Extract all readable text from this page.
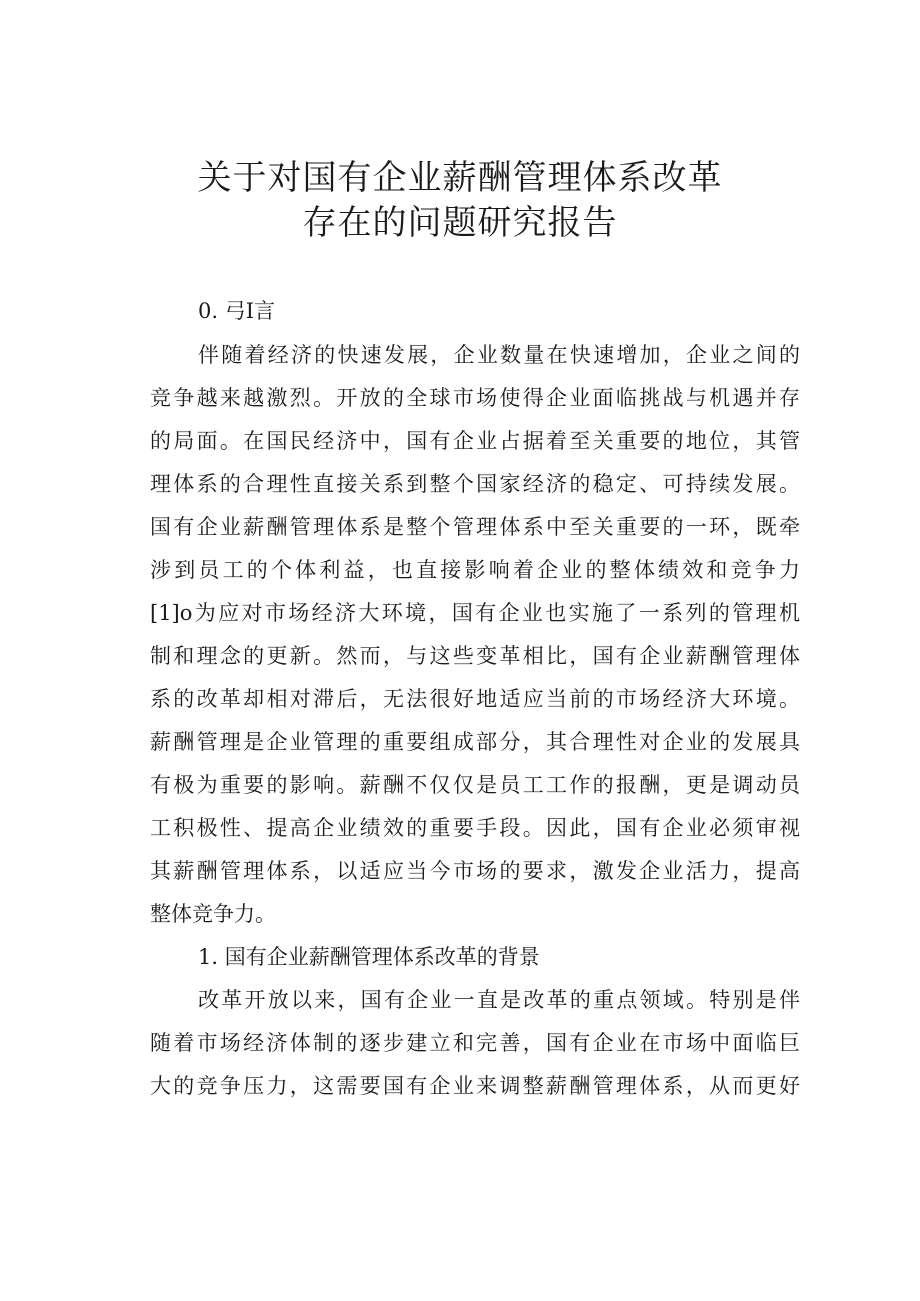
关于对国有企业薪酬管理体系改革
存在的问题研究报告
0. 弓I言
伴随着经济的快速发展，企业数量在快速增加，企业之间的
竞争越来越激烈。开放的全球市场使得企业面临挑战与机遇并存
的局面。在国民经济中，国有企业占据着至关重要的地位，其管
理体系的合理性直接关系到整个国家经济的稳定、可持续发展。
国有企业薪酬管理体系是整个管理体系中至关重要的一环，既牵
涉到员工的个体利益，也直接影响着企业的整体绩效和竞争力
[1]o为应对市场经济大环境，国有企业也实施了一系列的管理机
制和理念的更新。然而，与这些变革相比，国有企业薪酬管理体
系的改革却相对滞后，无法很好地适应当前的市场经济大环境。
薪酬管理是企业管理的重要组成部分，其合理性对企业的发展具
有极为重要的影响。薪酬不仅仅是员工工作的报酬，更是调动员
工积极性、提高企业绩效的重要手段。因此，国有企业必须审视
其薪酬管理体系，以适应当今市场的要求，激发企业活力，提高
整体竞争力。
1. 国有企业薪酬管理体系改革的背景
改革开放以来，国有企业一直是改革的重点领域。特别是伴
随着市场经济体制的逐步建立和完善，国有企业在市场中面临巨
大的竞争压力，这需要国有企业来调整薪酬管理体系，从而更好
